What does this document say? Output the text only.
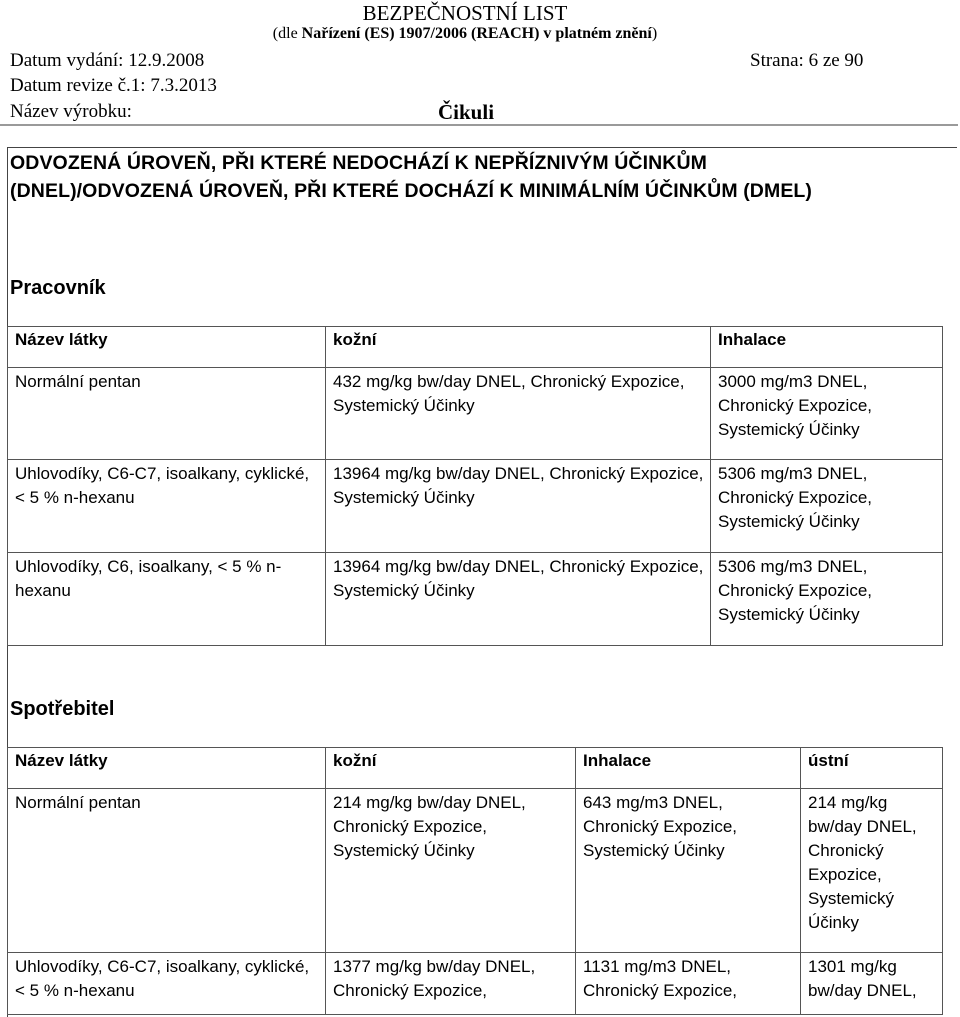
BEZPEČNOSTNÍ LIST
(dle Nařízení (ES) 1907/2006 (REACH) v platném znění)
Datum vydání: 12.9.2008
Datum revize č.1: 7.3.2013
Název výrobku:	Čikuli
Strana: 6 ze 90
ODVOZENÁ ÚROVEŇ, PŘI KTERÉ NEDOCHÁZÍ K NEPŘÍZNIVÝM ÚČINKŮM
(DNEL)/ODVOZENÁ ÚROVEŇ, PŘI KTERÉ DOCHÁZÍ K MINIMÁLNÍM ÚČINKŮM (DMEL)
Pracovník
Název látky	kožní	Inhalace
Normální pentan	432 mg/kg bw/day DNEL, Chronický Expozice, Systemický Účinky	3000 mg/m3 DNEL, Chronický Expozice, Systemický Účinky
Uhlovodíky, C6-C7, isoalkany, cyklické, < 5 % n-hexanu	13964 mg/kg bw/day DNEL, Chronický Expozice, Systemický Účinky	5306 mg/m3 DNEL, Chronický Expozice, Systemický Účinky
Uhlovodíky, C6, isoalkany, < 5 % n-hexanu	13964 mg/kg bw/day DNEL, Chronický Expozice, Systemický Účinky	5306 mg/m3 DNEL, Chronický Expozice, Systemický Účinky
Spotřebitel
Název látky	kožní	Inhalace	ústní
Normální pentan	214 mg/kg bw/day DNEL, Chronický Expozice, Systemický Účinky	643 mg/m3 DNEL, Chronický Expozice, Systemický Účinky	214 mg/kg bw/day DNEL, Chronický Expozice, Systemický Účinky
Uhlovodíky, C6-C7, isoalkany, cyklické, < 5 % n-hexanu	1377 mg/kg bw/day DNEL, Chronický Expozice,	1131 mg/m3 DNEL, Chronický Expozice,	1301 mg/kg bw/day DNEL,
